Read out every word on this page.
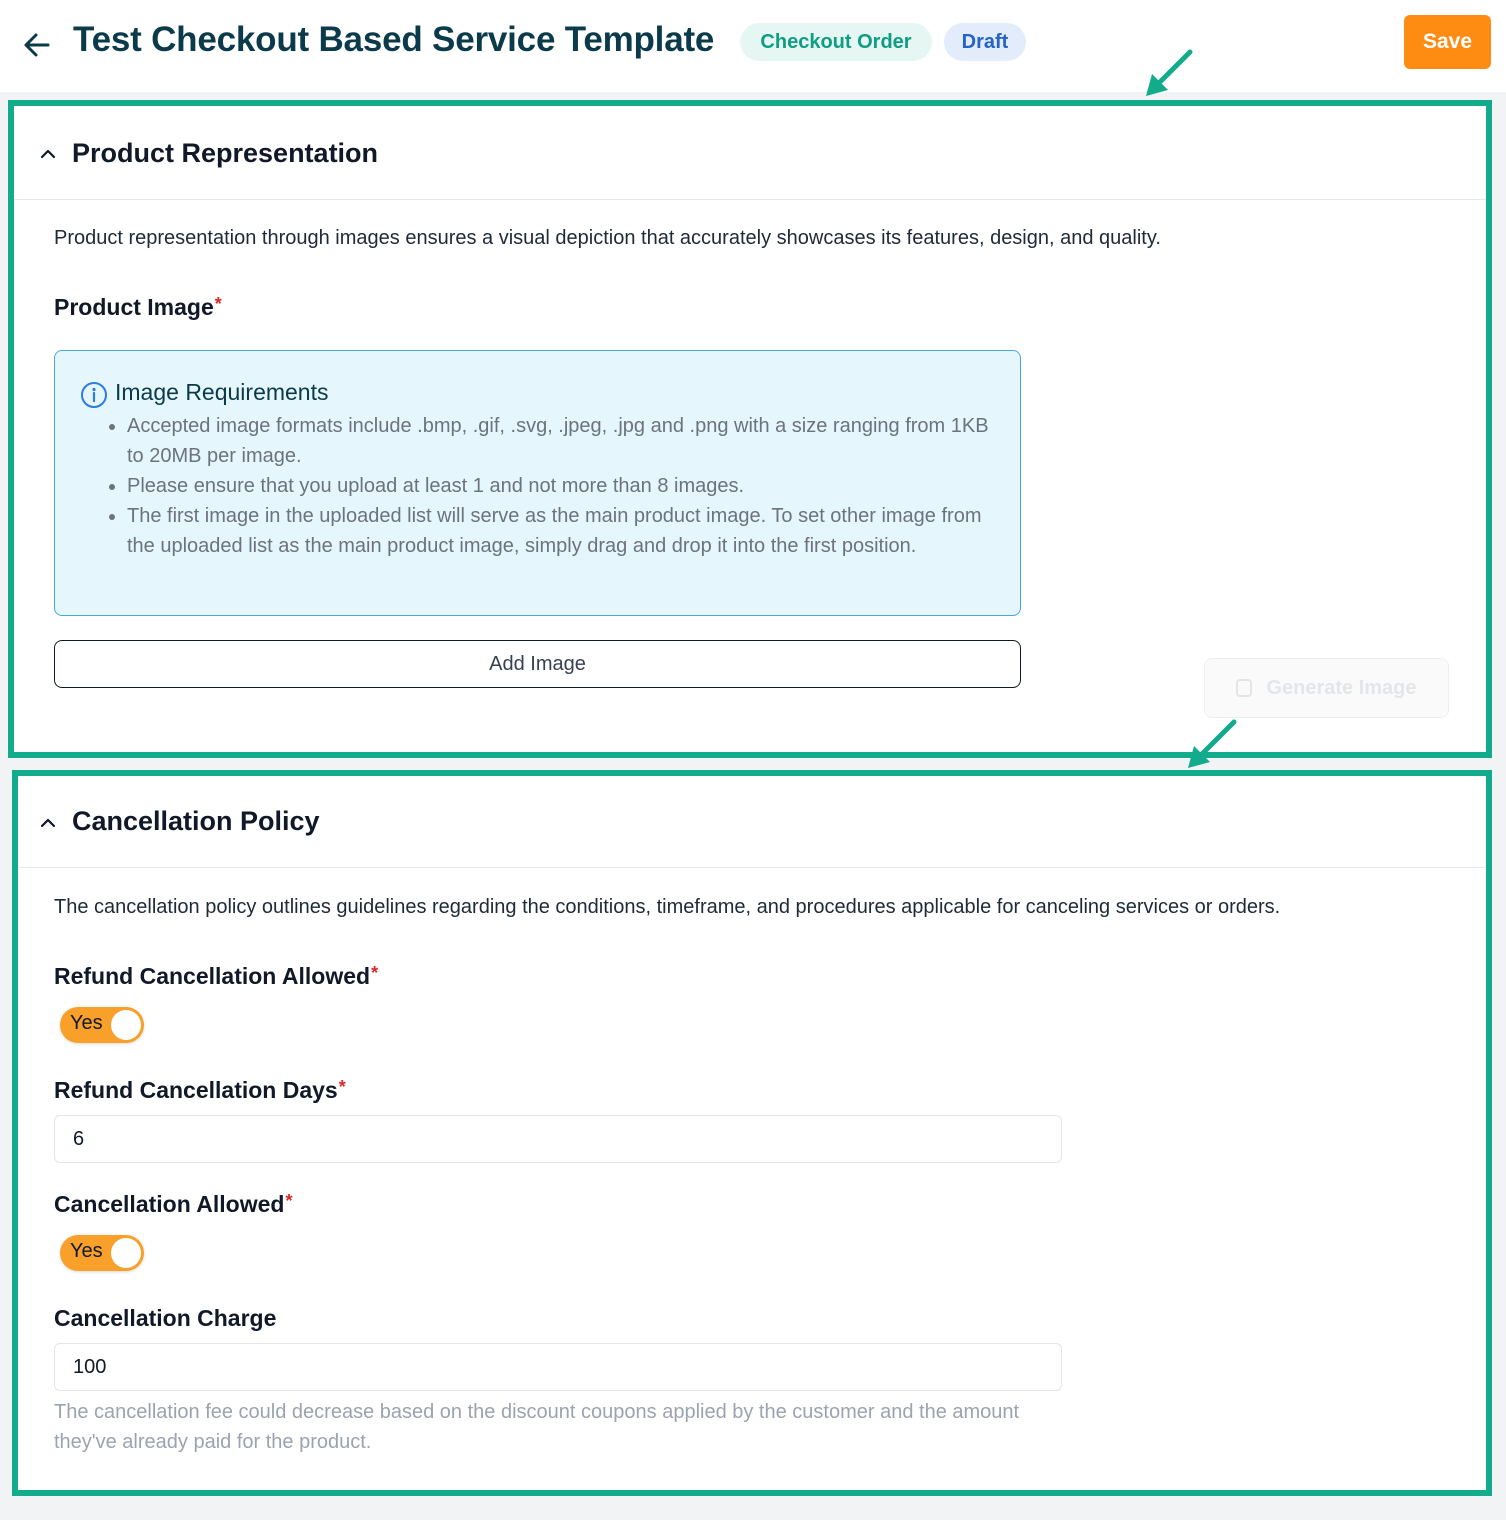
Test Checkout Based Service Template	Checkout Order	Draft	Save
Product Representation
Product representation through images ensures a visual depiction that accurately showcases its features, design, and quality.
Product Image*
Image Requirements
• Accepted image formats include .bmp, .gif, .svg, .jpeg, .jpg and .png with a size ranging from 1KB to 20MB per image.
• Please ensure that you upload at least 1 and not more than 8 images.
• The first image in the uploaded list will serve as the main product image. To set other image from the uploaded list as the main product image, simply drag and drop it into the first position.
Add Image
Generate Image
Cancellation Policy
The cancellation policy outlines guidelines regarding the conditions, timeframe, and procedures applicable for canceling services or orders.
Refund Cancellation Allowed*
Yes
Refund Cancellation Days*
6
Cancellation Allowed*
Yes
Cancellation Charge
100
The cancellation fee could decrease based on the discount coupons applied by the customer and the amount they've already paid for the product.
